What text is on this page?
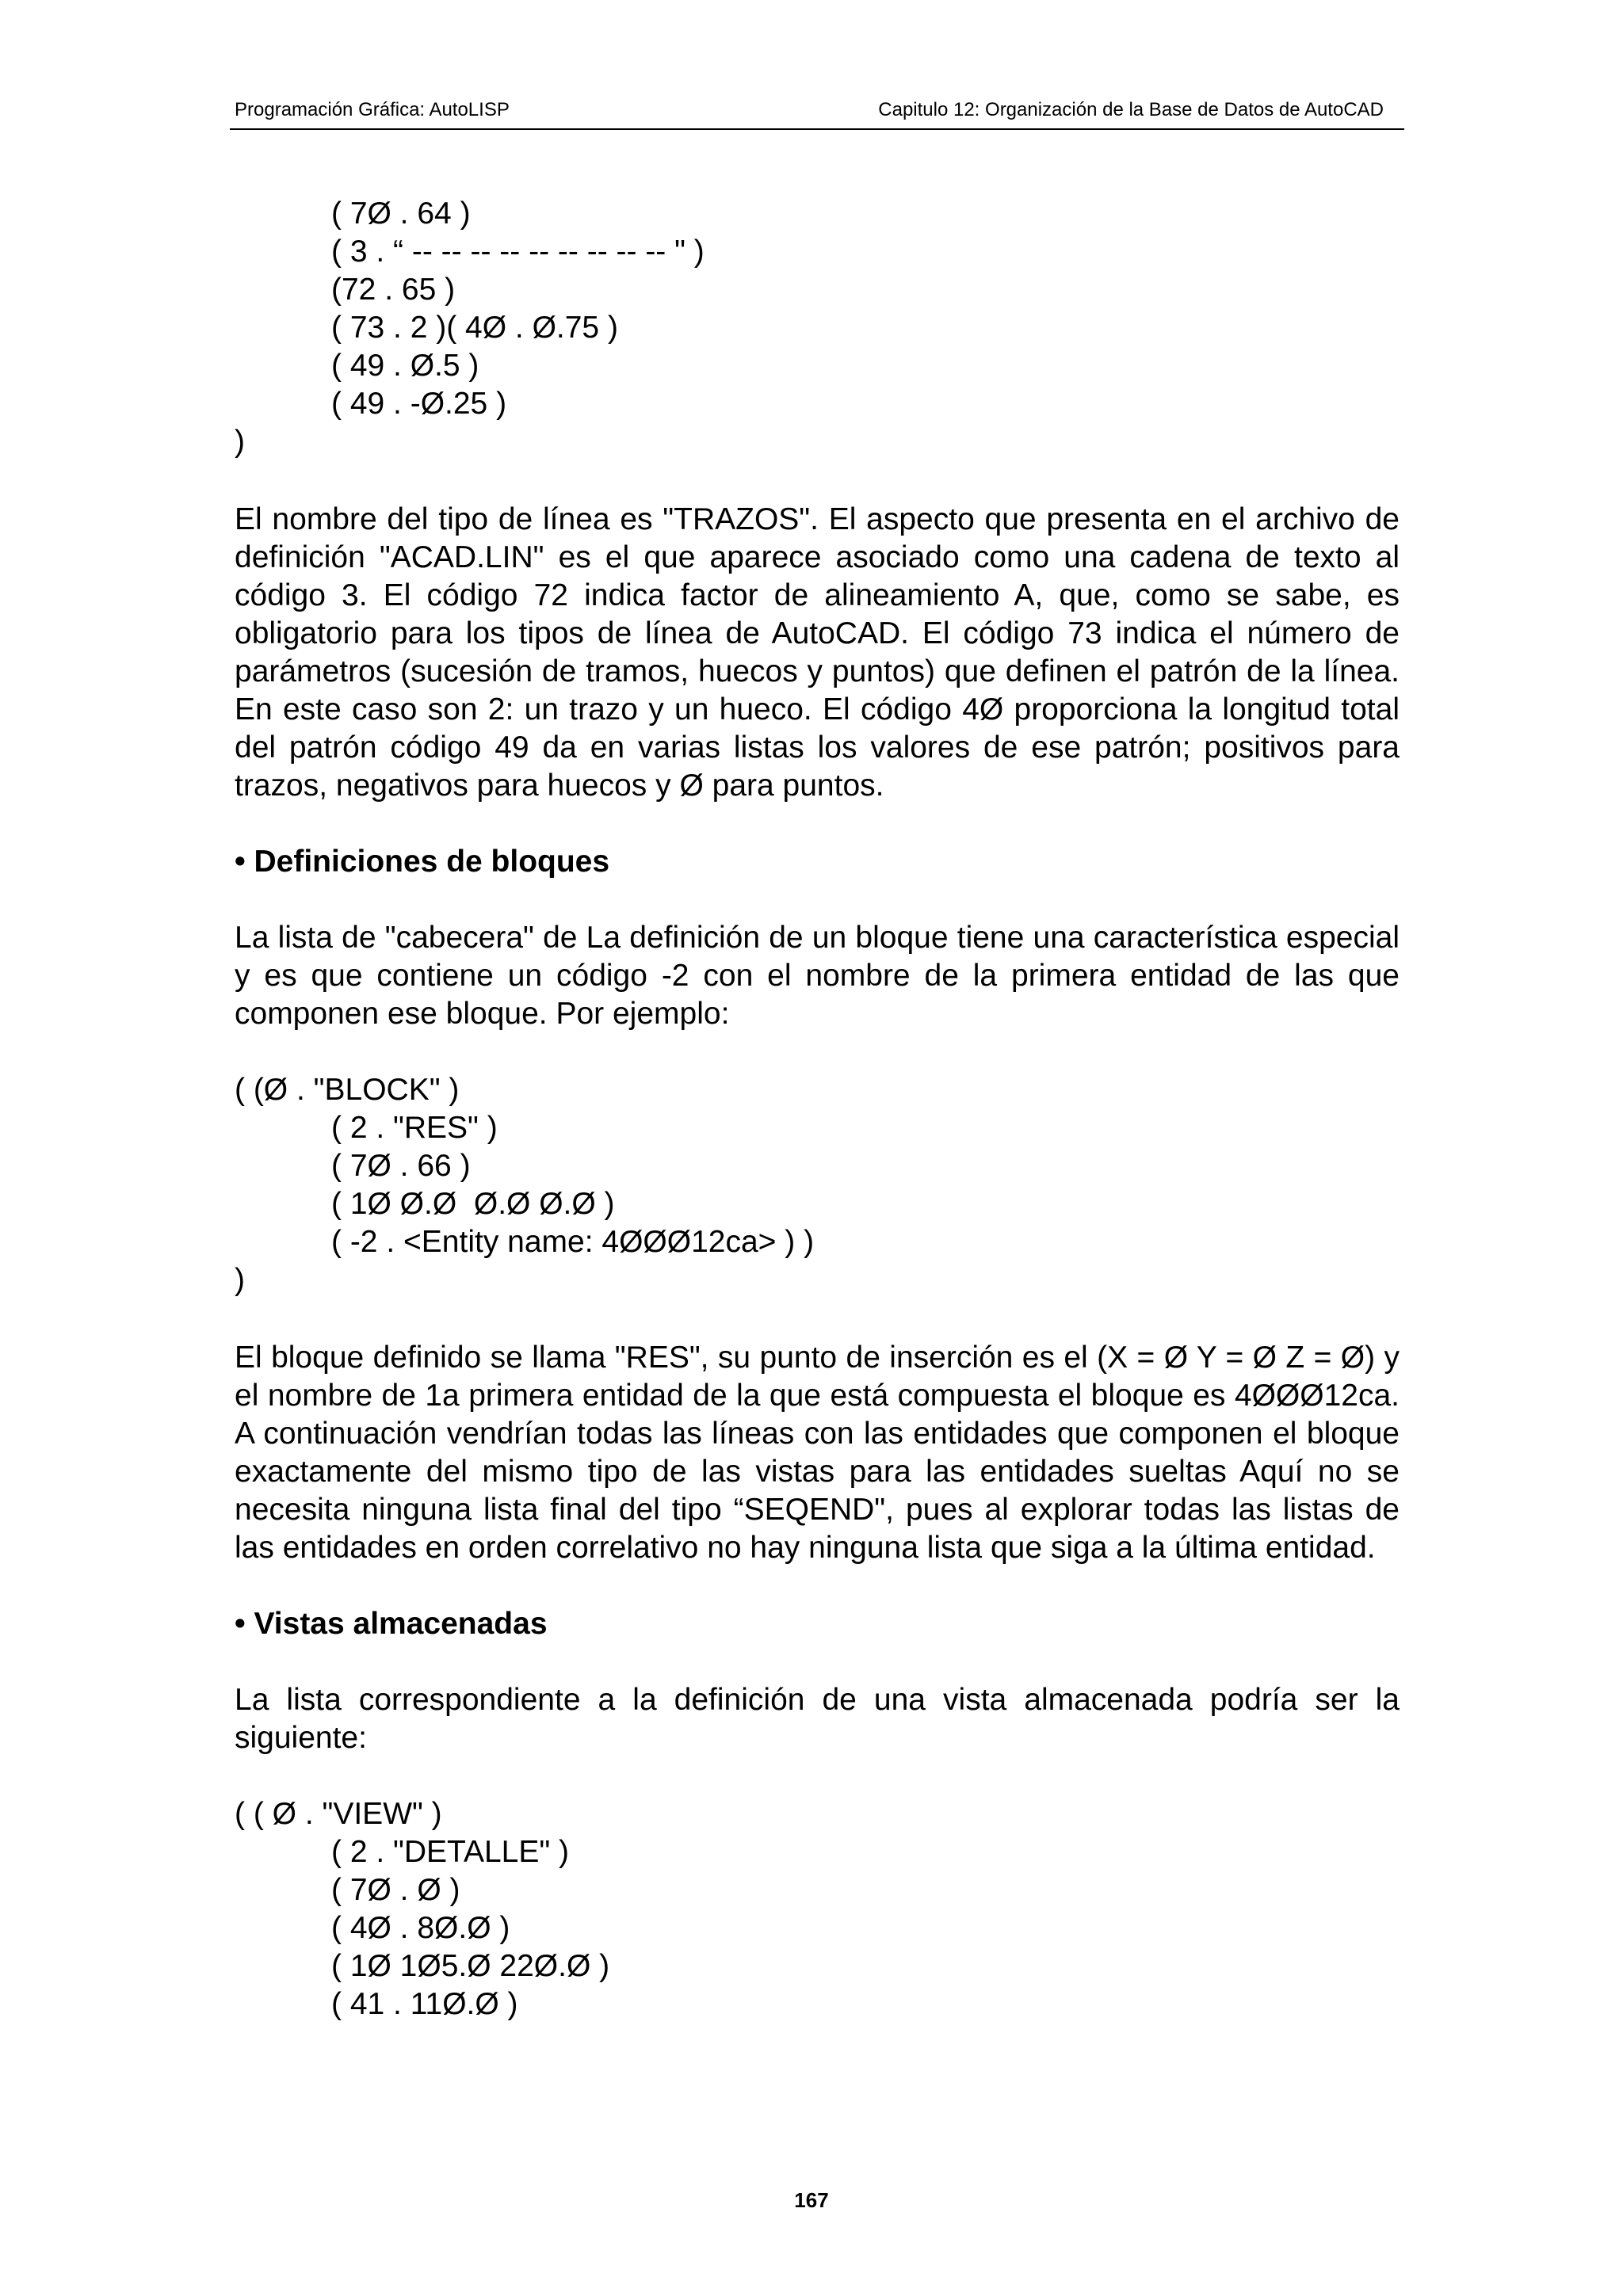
Programación Gráfica: AutoLISP	Capitulo 12: Organización de la Base de Datos de AutoCAD
( 7Ø . 64 )
( 3 . “ -- -- -- -- -- -- -- -- -- " )
(72 . 65 )
( 73 . 2 )( 4Ø . Ø.75 )
( 49 . Ø.5 )
( 49 . -Ø.25 )
)

El nombre del tipo de línea es "TRAZOS". El aspecto que presenta en el archivo de definición "ACAD.LIN" es el que aparece asociado como una cadena de texto al código 3. El código 72 indica factor de alineamiento A, que, como se sabe, es obligatorio para los tipos de línea de AutoCAD. El código 73 indica el número de parámetros (sucesión de tramos, huecos y puntos) que definen el patrón de la línea. En este caso son 2: un trazo y un hueco. El código 4Ø proporciona la longitud total del patrón código 49 da en varias listas los valores de ese patrón; positivos para trazos, negativos para huecos y Ø para puntos.

• Definiciones de bloques

La lista de "cabecera" de La definición de un bloque tiene una característica especial y es que contiene un código -2 con el nombre de la primera entidad de las que componen ese bloque. Por ejemplo:

( (Ø . "BLOCK" )
( 2 . "RES" )
( 7Ø . 66 )
( 1Ø Ø.Ø  Ø.Ø Ø.Ø )
( -2 . <Entity name: 4ØØØ12ca> ) )
)

El bloque definido se llama "RES", su punto de inserción es el (X = Ø Y = Ø Z = Ø) y el nombre de 1a primera entidad de la que está compuesta el bloque es 4ØØØ12ca. A continuación vendrían todas las líneas con las entidades que componen el bloque exactamente del mismo tipo de las vistas para las entidades sueltas Aquí no se necesita ninguna lista final del tipo “SEQEND", pues al explorar todas las listas de las entidades en orden correlativo no hay ninguna lista que siga a la última entidad.

• Vistas almacenadas

La lista correspondiente a la definición de una vista almacenada podría ser la siguiente:

( ( Ø . "VIEW" )
( 2 . "DETALLE" )
( 7Ø . Ø )
( 4Ø . 8Ø.Ø )
( 1Ø 1Ø5.Ø 22Ø.Ø )
( 41 . 11Ø.Ø )
167
